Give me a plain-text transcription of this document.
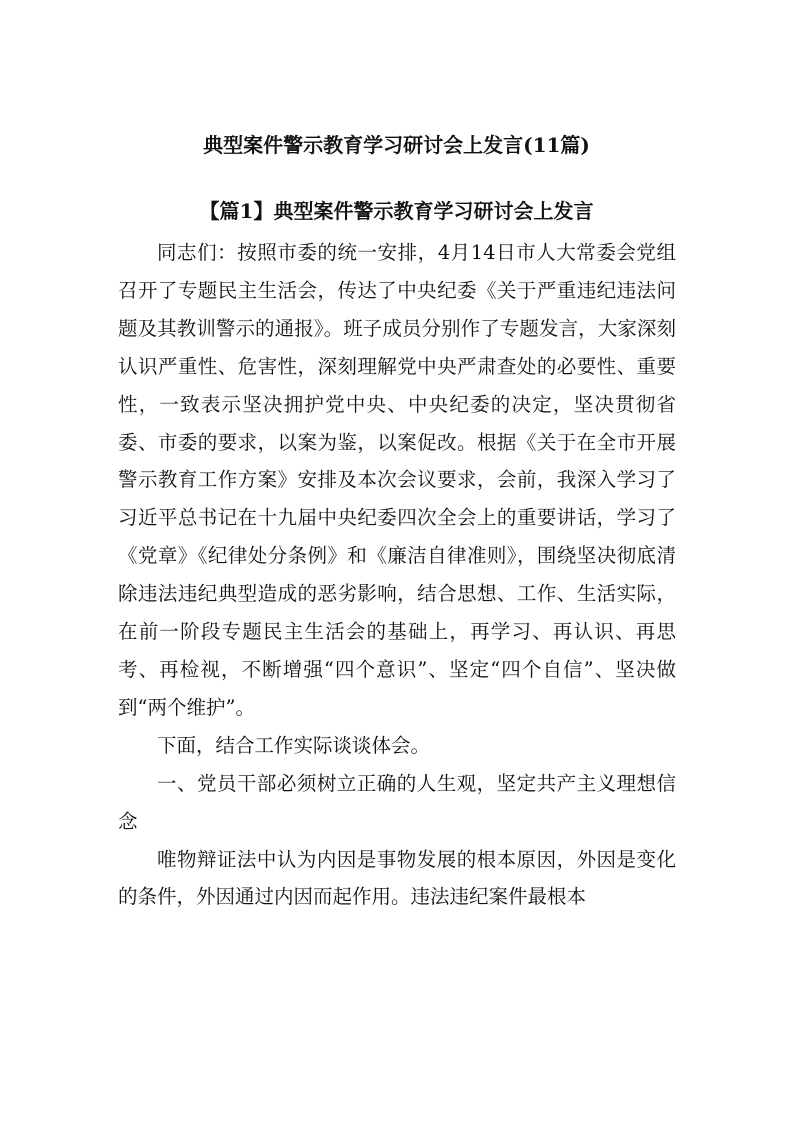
典型案件警示教育学习研讨会上发言(11篇)
【篇1】典型案件警示教育学习研讨会上发言

同志们：按照市委的统一安排，4月14日市人大常委会党组召开了专题民主生活会，传达了中央纪委《关于严重违纪违法问题及其教训警示的通报》。班子成员分别作了专题发言，大家深刻认识严重性、危害性，深刻理解党中央严肃查处的必要性、重要性，一致表示坚决拥护党中央、中央纪委的决定，坚决贯彻省委、市委的要求，以案为鉴，以案促改。根据《关于在全市开展警示教育工作方案》安排及本次会议要求，会前，我深入学习了习近平总书记在十九届中央纪委四次全会上的重要讲话，学习了《党章》《纪律处分条例》和《廉洁自律准则》，围绕坚决彻底清除违法违纪典型造成的恶劣影响，结合思想、工作、生活实际，在前一阶段专题民主生活会的基础上，再学习、再认识、再思考、再检视，不断增强“四个意识”、坚定“四个自信”、坚决做到“两个维护”。

下面，结合工作实际谈谈体会。

一、党员干部必须树立正确的人生观，坚定共产主义理想信念

唯物辩证法中认为内因是事物发展的根本原因，外因是变化的条件，外因通过内因而起作用。违法违纪案件最根本
